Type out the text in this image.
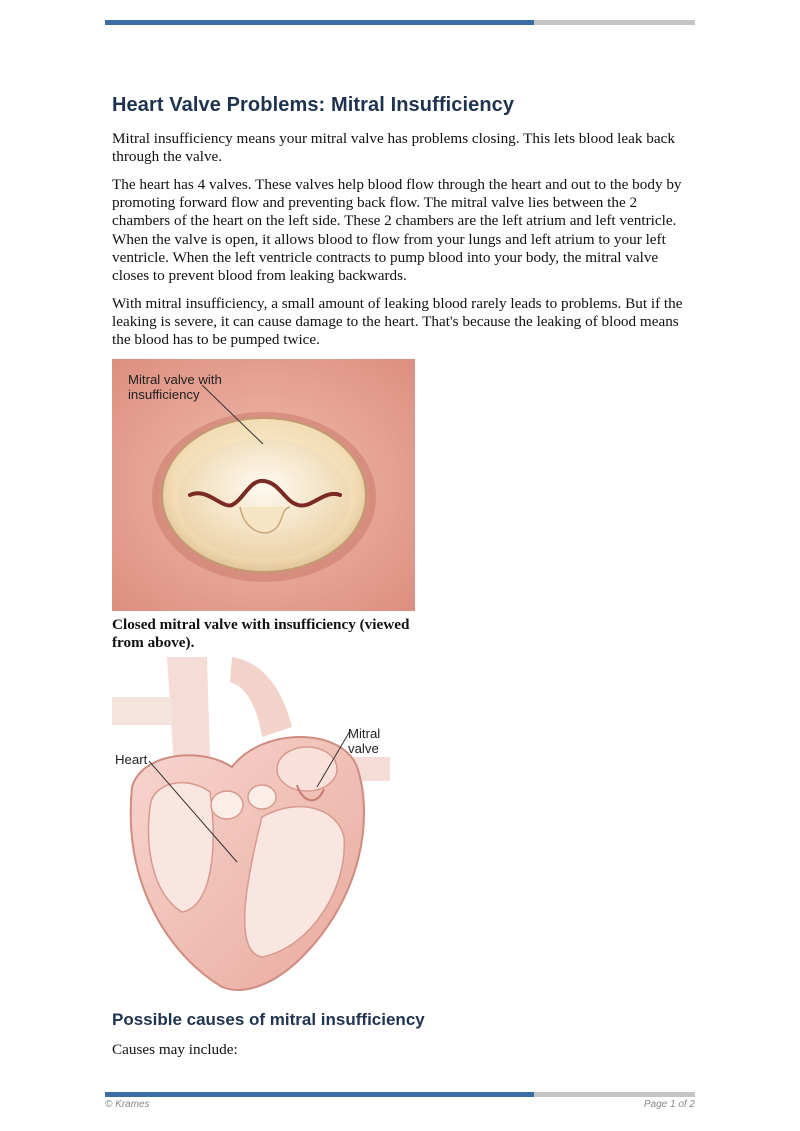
Heart Valve Problems: Mitral Insufficiency

Mitral insufficiency means your mitral valve has problems closing. This lets blood leak back through the valve.

The heart has 4 valves. These valves help blood flow through the heart and out to the body by promoting forward flow and preventing back flow. The mitral valve lies between the 2 chambers of the heart on the left side. These 2 chambers are the left atrium and left ventricle. When the valve is open, it allows blood to flow from your lungs and left atrium to your left ventricle. When the left ventricle contracts to pump blood into your body, the mitral valve closes to prevent blood from leaking backwards.

With mitral insufficiency, a small amount of leaking blood rarely leads to problems. But if the leaking is severe, it can cause damage to the heart. That's because the leaking of blood means the blood has to be pumped twice.

Mitral valve with insufficiency

Closed mitral valve with insufficiency (viewed from above).

Heart
Mitral valve
Possible causes of mitral insufficiency

Causes may include:

© Krames	Page 1 of 2
